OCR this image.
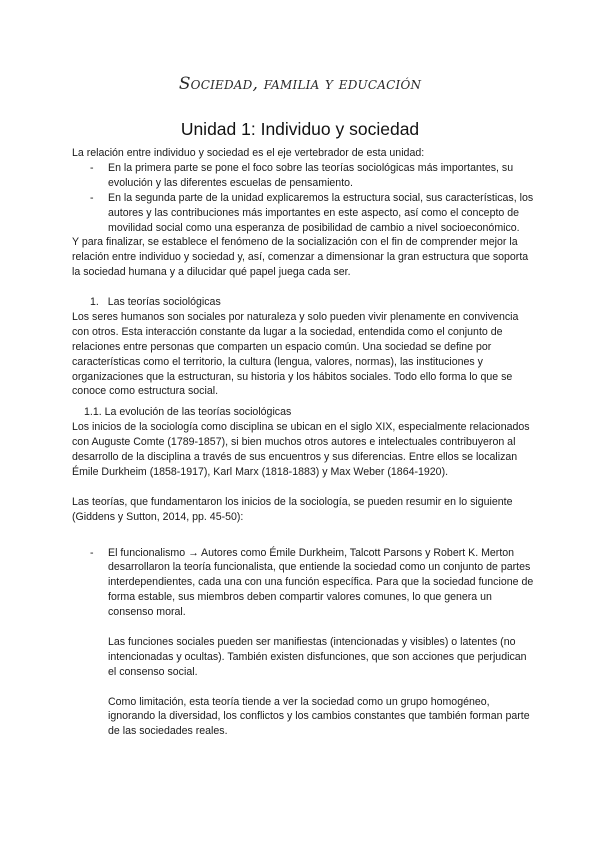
Sociedad, familia y educación
Unidad 1: Individuo y sociedad

La relación entre individuo y sociedad es el eje vertebrador de esta unidad:

- En la primera parte se pone el foco sobre las teorías sociológicas más importantes, su evolución y las diferentes escuelas de pensamiento.
- En la segunda parte de la unidad explicaremos la estructura social, sus características, los autores y las contribuciones más importantes en este aspecto, así como el concepto de movilidad social como una esperanza de posibilidad de cambio a nivel socioeconómico.

Y para finalizar, se establece el fenómeno de la socialización con el fin de comprender mejor la relación entre individuo y sociedad y, así, comenzar a dimensionar la gran estructura que soporta la sociedad humana y a dilucidar qué papel juega cada ser.

1. Las teorías sociológicas

Los seres humanos son sociales por naturaleza y solo pueden vivir plenamente en convivencia con otros. Esta interacción constante da lugar a la sociedad, entendida como el conjunto de relaciones entre personas que comparten un espacio común. Una sociedad se define por características como el territorio, la cultura (lengua, valores, normas), las instituciones y organizaciones que la estructuran, su historia y los hábitos sociales. Todo ello forma lo que se conoce como estructura social.

1.1. La evolución de las teorías sociológicas

Los inicios de la sociología como disciplina se ubican en el siglo XIX, especialmente relacionados con Auguste Comte (1789-1857), si bien muchos otros autores e intelectuales contribuyeron al desarrollo de la disciplina a través de sus encuentros y sus diferencias. Entre ellos se localizan Émile Durkheim (1858-1917), Karl Marx (1818-1883) y Max Weber (1864-1920).

Las teorías, que fundamentaron los inicios de la sociología, se pueden resumir en lo siguiente (Giddens y Sutton, 2014, pp. 45-50):

- El funcionalismo → Autores como Émile Durkheim, Talcott Parsons y Robert K. Merton desarrollaron la teoría funcionalista, que entiende la sociedad como un conjunto de partes interdependientes, cada una con una función específica. Para que la sociedad funcione de forma estable, sus miembros deben compartir valores comunes, lo que genera un consenso moral.

Las funciones sociales pueden ser manifiestas (intencionadas y visibles) o latentes (no intencionadas y ocultas). También existen disfunciones, que son acciones que perjudican el consenso social.

Como limitación, esta teoría tiende a ver la sociedad como un grupo homogéneo, ignorando la diversidad, los conflictos y los cambios constantes que también forman parte de las sociedades reales.
